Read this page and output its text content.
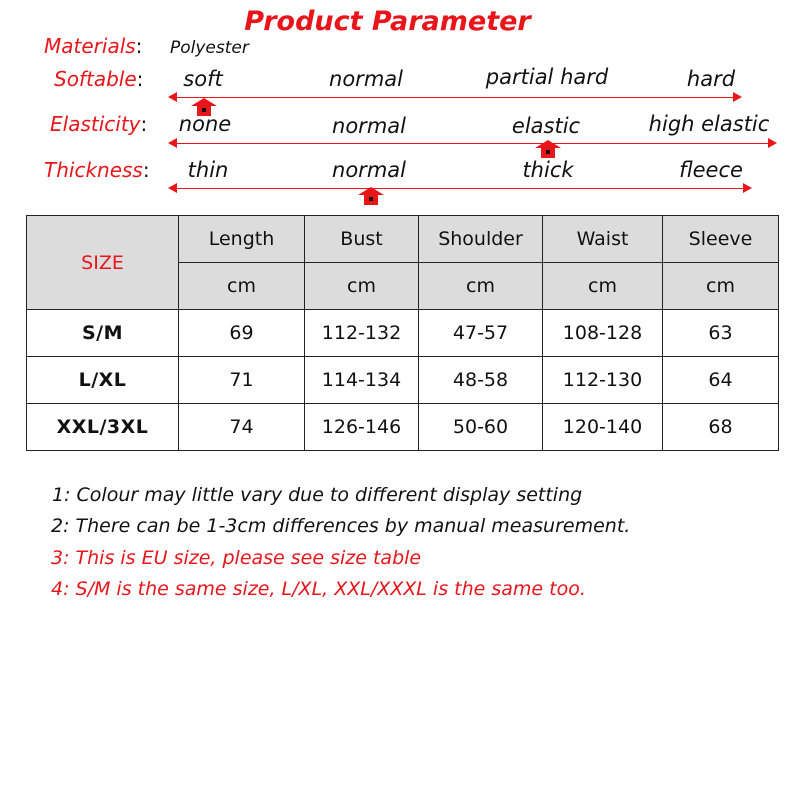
Product Parameter
Materials: Polyester
Softable: soft	normal	partial hard	hard
Elasticity: none	normal	elastic	high elastic
Thickness: thin	normal	thick	fleece
SIZE	Length	Bust	Shoulder	Waist	Sleeve
	cm	cm	cm	cm	cm
S/M	69	112-132	47-57	108-128	63
L/XL	71	114-134	48-58	112-130	64
XXL/3XL	74	126-146	50-60	120-140	68
1: Colour may little vary due to different display setting
2: There can be 1-3cm differences by manual measurement.
3: This is EU size, please see size table
4: S/M is the same size, L/XL, XXL/XXXL is the same too.
